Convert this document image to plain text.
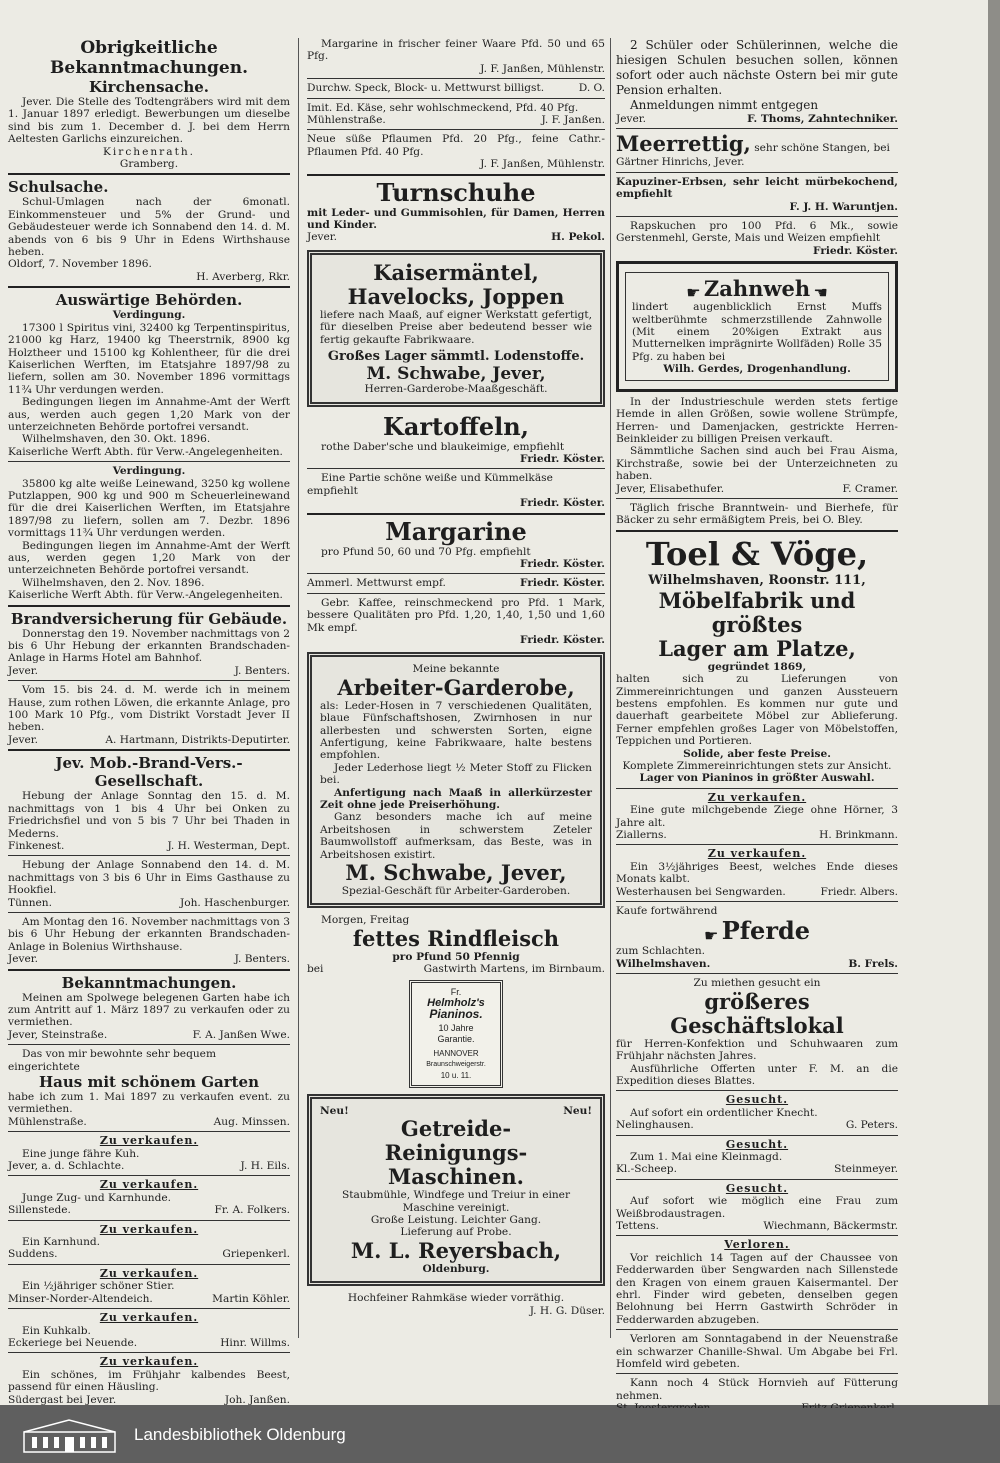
Obrigkeitliche Bekanntmachungen.
Kirchensache.
Jever. Die Stelle des Todtengräbers wird mit dem 1. Januar 1897 erledigt. Bewerbungen um dieselbe sind bis zum 1. December d. J. bei dem Herrn Aeltesten Garlichs einzureichen.
Kirchenrath.
Gramberg.
Schulsache.
Schul-Umlagen nach der 6monatl. Einkommensteuer und 5% der Grund- und Gebäudesteuer werde ich Sonnabend den 14. d. M. abends von 6 bis 9 Uhr in Edens Wirthshause heben.
Oldorf, 7. November 1896.
H. Averberg, Rkr.
Auswärtige Behörden.
Verdingung.
17300 l Spiritus vini, 32400 kg Terpentinspiritus, 21000 kg Harz, 19400 kg Theerstrnik, 8900 kg Holztheer und 15100 kg Kohlentheer, für die drei Kaiserlichen Werften, im Etatsjahre 1897/98 zu liefern, sollen am 30. November 1896 vormittags 11¾ Uhr verdungen werden.
Bedingungen liegen im Annahme-Amt der Werft aus, werden auch gegen 1,20 Mark von der unterzeichneten Behörde portofrei versandt.
Wilhelmshaven, den 30. Okt. 1896.
Kaiserliche Werft Abth. für Verw.-Angelegenheiten.
Verdingung.
35800 kg alte weiße Leinewand, 3250 kg wollene Putzlappen, 900 kg und 900 m Scheuerleinewand für die drei Kaiserlichen Werften, im Etatsjahre 1897/98 zu liefern, sollen am 7. Dezbr. 1896 vormittags 11¾ Uhr verdungen werden.
Bedingungen liegen im Annahme-Amt der Werft aus, werden gegen 1,20 Mark von der unterzeichneten Behörde portofrei versandt.
Wilhelmshaven, den 2. Nov. 1896.
Kaiserliche Werft Abth. für Verw.-Angelegenheiten.
Brandversicherung für Gebäude.
Donnerstag den 19. November nachmittags von 2 bis 6 Uhr Hebung der erkannten Brandschaden-Anlage in Harms Hotel am Bahnhof.
Jever.	J. Benters.
Vom 15. bis 24. d. M. werde ich in meinem Hause, zum rothen Löwen, die erkannte Anlage, pro 100 Mark 10 Pfg., vom Distrikt Vorstadt Jever II heben.
Jever.	A. Hartmann, Distrikts-Deputirter.
Jev. Mob.-Brand-Vers.-Gesellschaft.
Hebung der Anlage Sonntag den 15. d. M. nachmittags von 1 bis 4 Uhr bei Onken zu Friedrichsfiel und von 5 bis 7 Uhr bei Thaden in Mederns.
Finkenest.	J. H. Westerman, Dept.
Hebung der Anlage Sonnabend den 14. d. M. nachmittags von 3 bis 6 Uhr in Eims Gasthause zu Hookfiel.
Tünnen.	Joh. Haschenburger.
Am Montag den 16. November nachmittags von 3 bis 6 Uhr Hebung der erkannten Brandschaden-Anlage in Bolenius Wirthshause.
Jever.	J. Benters.
Bekanntmachungen.
Meinen am Spolwege belegenen Garten habe ich zum Antritt auf 1. März 1897 zu verkaufen oder zu vermiethen.
Jever, Steinstraße.	F. A. Janßen Wwe.
Das von mir bewohnte sehr bequem eingerichtete
Haus mit schönem Garten
habe ich zum 1. Mai 1897 zu verkaufen event. zu vermiethen.
Mühlenstraße.	Aug. Minssen.
Zu verkaufen.
Eine junge fähre Kuh.
Jever, a. d. Schlachte.	J. H. Eils.
Zu verkaufen.
Junge Zug- und Karnhunde.
Sillenstede.	Fr. A. Folkers.
Zu verkaufen.
Ein Karnhund.
Suddens.	Griepenkerl.
Zu verkaufen.
Ein ½jähriger schöner Stier.
Minser-Norder-Altendeich.	Martin Köhler.
Zu verkaufen.
Ein Kuhkalb.
Eckeriege bei Neuende.	Hinr. Willms.
Zu verkaufen.
Ein schönes, im Frühjahr kalbendes Beest, passend für einen Häusling.
Südergast bei Jever.	Joh. Janßen.
Margarine in frischer feiner Waare Pfd. 50 und 65 Pfg.
J. F. Janßen, Mühlenstr.
Durchw. Speck, Block- u. Mettwurst billigst.	D. O.
Imit. Ed. Käse, sehr wohlschmeckend, Pfd. 40 Pfg.
Mühlenstraße.	J. F. Janßen.
Neue süße Pflaumen Pfd. 20 Pfg., feine Cathr.-Pflaumen Pfd. 40 Pfg.
J. F. Janßen, Mühlenstr.
Turnschuhe
mit Leder- und Gummisohlen, für Damen, Herren und Kinder.
Jever.	H. Pekol.
Kaisermäntel,
Havelocks, Joppen
liefere nach Maaß, auf eigner Werkstatt gefertigt, für dieselben Preise aber bedeutend besser wie fertig gekaufte Fabrikwaare.
Großes Lager sämmtl. Lodenstoffe.
M. Schwabe, Jever,
Herren-Garderobe-Maaßgeschäft.
Kartoffeln,
rothe Daber'sche und blaukeimige, empfiehlt
Friedr. Köster.
Eine Partie schöne weiße und Kümmelkäse empfiehlt
Friedr. Köster.
Margarine
pro Pfund 50, 60 und 70 Pfg. empfiehlt
Friedr. Köster.
Ammerl. Mettwurst empf.	Friedr. Köster.
Gebr. Kaffee, reinschmeckend pro Pfd. 1 Mark, bessere Qualitäten pro Pfd. 1,20, 1,40, 1,50 und 1,60 Mk empf.
Friedr. Köster.
Meine bekannte
Arbeiter-Garderobe,
als: Leder-Hosen in 7 verschiedenen Qualitäten, blaue Fünfschaftshosen, Zwirnhosen in nur allerbesten und schwersten Sorten, eigne Anfertigung, keine Fabrikwaare, halte bestens empfohlen.
Jeder Lederhose liegt ½ Meter Stoff zu Flicken bei.
Anfertigung nach Maaß in allerkürzester Zeit ohne jede Preiserhöhung.
Ganz besonders mache ich auf meine Arbeitshosen in schwerstem Zeteler Baumwollstoff aufmerksam, das Beste, was in Arbeitshosen existirt.
M. Schwabe, Jever,
Spezial-Geschäft für Arbeiter-Garderoben.
Morgen, Freitag
fettes Rindfleisch
pro Pfund 50 Pfennig
bei	Gastwirth Martens, im Birnbaum.
Fr.
Helmholz's
Pianinos.
10 Jahre
Garantie.
HANNOVER
Braunschweigerstr.
10 u. 11.
Neu!	Neu!
Getreide-
Reinigungs-Maschinen.
Staubmühle, Windfege und Treiur in einer Maschine vereinigt.
Große Leistung. Leichter Gang.
Lieferung auf Probe.
M. L. Reyersbach,
Oldenburg.
Hochfeiner Rahmkäse wieder vorräthig.
J. H. G. Düser.
2 Schüler oder Schülerinnen, welche die hiesigen Schulen besuchen sollen, können sofort oder auch nächste Ostern bei mir gute Pension erhalten.
Anmeldungen nimmt entgegen
Jever.	F. Thoms, Zahntechniker.
Meerrettig, sehr schöne Stangen, bei Gärtner Hinrichs, Jever.
Kapuziner-Erbsen, sehr leicht mürbekochend, empfiehlt
F. J. H. Waruntjen.
Rapskuchen pro 100 Pfd. 6 Mk., sowie Gerstenmehl, Gerste, Mais und Weizen empfiehlt
Friedr. Köster.
☛ Zahnweh ☚
lindert augenblicklich Ernst Muffs weltberühmte schmerzstillende Zahnwolle (Mit einem 20%igen Extrakt aus Mutternelken imprägnirte Wollfäden) Rolle 35 Pfg. zu haben bei
Wilh. Gerdes, Drogenhandlung.
In der Industrieschule werden stets fertige Hemde in allen Größen, sowie wollene Strümpfe, Herren- und Damenjacken, gestrickte Herren-Beinkleider zu billigen Preisen verkauft.
Sämmtliche Sachen sind auch bei Frau Aisma, Kirchstraße, sowie bei der Unterzeichneten zu haben.
Jever, Elisabethufer.	F. Cramer.
Täglich frische Branntwein- und Bierhefe, für Bäcker zu sehr ermäßigtem Preis, bei O. Bley.
Toel & Vöge,
Wilhelmshaven, Roonstr. 111,
Möbelfabrik und größtes
Lager am Platze,
gegründet 1869,
halten sich zu Lieferungen von Zimmereinrichtungen und ganzen Aussteuern bestens empfohlen. Es kommen nur gute und dauerhaft gearbeitete Möbel zur Ablieferung. Ferner empfehlen großes Lager von Möbelstoffen, Teppichen und Portieren.
Solide, aber feste Preise.
Komplete Zimmereinrichtungen stets zur Ansicht.
Lager von Pianinos in größter Auswahl.
Zu verkaufen.
Eine gute milchgebende Ziege ohne Hörner, 3 Jahre alt.
Ziallerns.	H. Brinkmann.
Zu verkaufen.
Ein 3½jähriges Beest, welches Ende dieses Monats kalbt.
Westerhausen bei Sengwarden.	Friedr. Albers.
Kaufe fortwährend
☛ Pferde
zum Schlachten.
Wilhelmshaven.	B. Frels.
Zu miethen gesucht ein
größeres Geschäftslokal
für Herren-Konfektion und Schuhwaaren zum Frühjahr nächsten Jahres.
Ausführliche Offerten unter F. M. an die Expedition dieses Blattes.
Gesucht.
Auf sofort ein ordentlicher Knecht.
Nelinghausen.	G. Peters.
Gesucht.
Zum 1. Mai eine Kleinmagd.
Kl.-Scheep.	Steinmeyer.
Gesucht.
Auf sofort wie möglich eine Frau zum Weißbrodaustragen.
Tettens.	Wiechmann, Bäckermstr.
Verloren.
Vor reichlich 14 Tagen auf der Chaussee von Fedderwarden über Sengwarden nach Sillenstede den Kragen von einem grauen Kaisermantel. Der ehrl. Finder wird gebeten, denselben gegen Belohnung bei Herrn Gastwirth Schröder in Fedderwarden abzugeben.
Verloren am Sonntagabend in der Neuenstraße ein schwarzer Chanille-Shwal. Um Abgabe bei Frl. Homfeld wird gebeten.
Kann noch 4 Stück Hornvieh auf Fütterung nehmen.
Landesbibliothek Oldenburg
